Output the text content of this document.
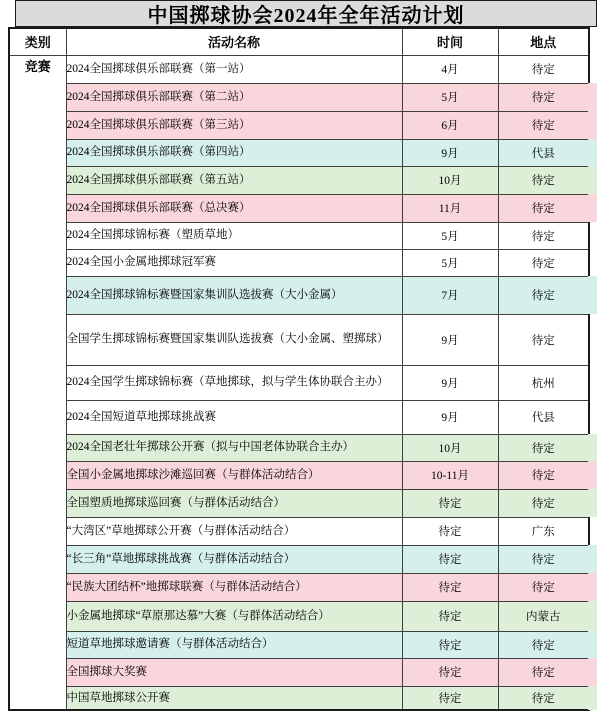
中国掷球协会2024年全年活动计划
类别	活动名称	时间	地点
竞赛	2024全国掷球俱乐部联赛（第一站）	4月	待定
	2024全国掷球俱乐部联赛（第二站）	5月	待定
	2024全国掷球俱乐部联赛（第三站）	6月	待定
	2024全国掷球俱乐部联赛（第四站）	9月	代县
	2024全国掷球俱乐部联赛（第五站）	10月	待定
	2024全国掷球俱乐部联赛（总决赛）	11月	待定
	2024全国掷球锦标赛（塑质草地）	5月	待定
	2024全国小金属地掷球冠军赛	5月	待定
	2024全国掷球锦标赛暨国家集训队选拔赛（大小金属）	7月	待定
	全国学生掷球锦标赛暨国家集训队选拔赛（大小金属、塑掷球）	9月	待定
	2024全国学生掷球锦标赛（草地掷球，拟与学生体协联合主办）	9月	杭州
	2024全国短道草地掷球挑战赛	9月	代县
	2024全国老壮年掷球公开赛（拟与中国老体协联合主办）	10月	待定
	全国小金属地掷球沙滩巡回赛（与群体活动结合）	10-11月	待定
	全国塑质地掷球巡回赛（与群体活动结合）	待定	待定
	“大湾区”草地掷球公开赛（与群体活动结合）	待定	广东
	“长三角”草地掷球挑战赛（与群体活动结合）	待定	待定
	“民族大团结杯”地掷球联赛（与群体活动结合）	待定	待定
	小金属地掷球“草原那达慕”大赛（与群体活动结合）	待定	内蒙古
	短道草地掷球邀请赛（与群体活动结合）	待定	待定
	全国掷球大奖赛	待定	待定
	中国草地掷球公开赛	待定	待定
